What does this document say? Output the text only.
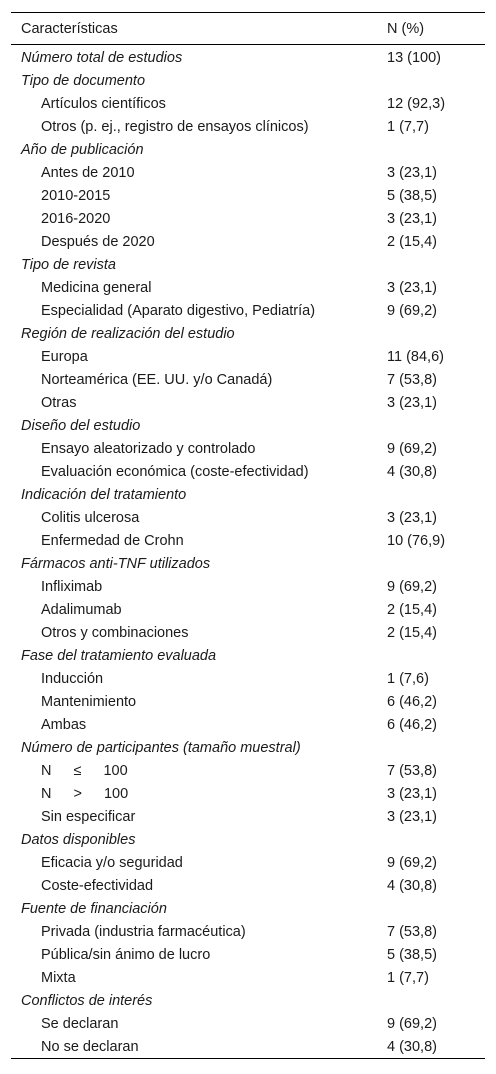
Características	N (%)
Número total de estudios	13 (100)
Tipo de documento
Artículos científicos	12 (92,3)
Otros (p. ej., registro de ensayos clínicos)	1 (7,7)
Año de publicación
Antes de 2010	3 (23,1)
2010-2015	5 (38,5)
2016-2020	3 (23,1)
Después de 2020	2 (15,4)
Tipo de revista
Medicina general	3 (23,1)
Especialidad (Aparato digestivo, Pediatría)	9 (69,2)
Región de realización del estudio
Europa	11 (84,6)
Norteamérica (EE. UU. y/o Canadá)	7 (53,8)
Otras	3 (23,1)
Diseño del estudio
Ensayo aleatorizado y controlado	9 (69,2)
Evaluación económica (coste-efectividad)	4 (30,8)
Indicación del tratamiento
Colitis ulcerosa	3 (23,1)
Enfermedad de Crohn	10 (76,9)
Fármacos anti-TNF utilizados
Infliximab	9 (69,2)
Adalimumab	2 (15,4)
Otros y combinaciones	2 (15,4)
Fase del tratamiento evaluada
Inducción	1 (7,6)
Mantenimiento	6 (46,2)
Ambas	6 (46,2)
Número de participantes (tamaño muestral)
N ≤ 100	7 (53,8)
N > 100	3 (23,1)
Sin especificar	3 (23,1)
Datos disponibles
Eficacia y/o seguridad	9 (69,2)
Coste-efectividad	4 (30,8)
Fuente de financiación
Privada (industria farmacéutica)	7 (53,8)
Pública/sin ánimo de lucro	5 (38,5)
Mixta	1 (7,7)
Conflictos de interés
Se declaran	9 (69,2)
No se declaran	4 (30,8)
